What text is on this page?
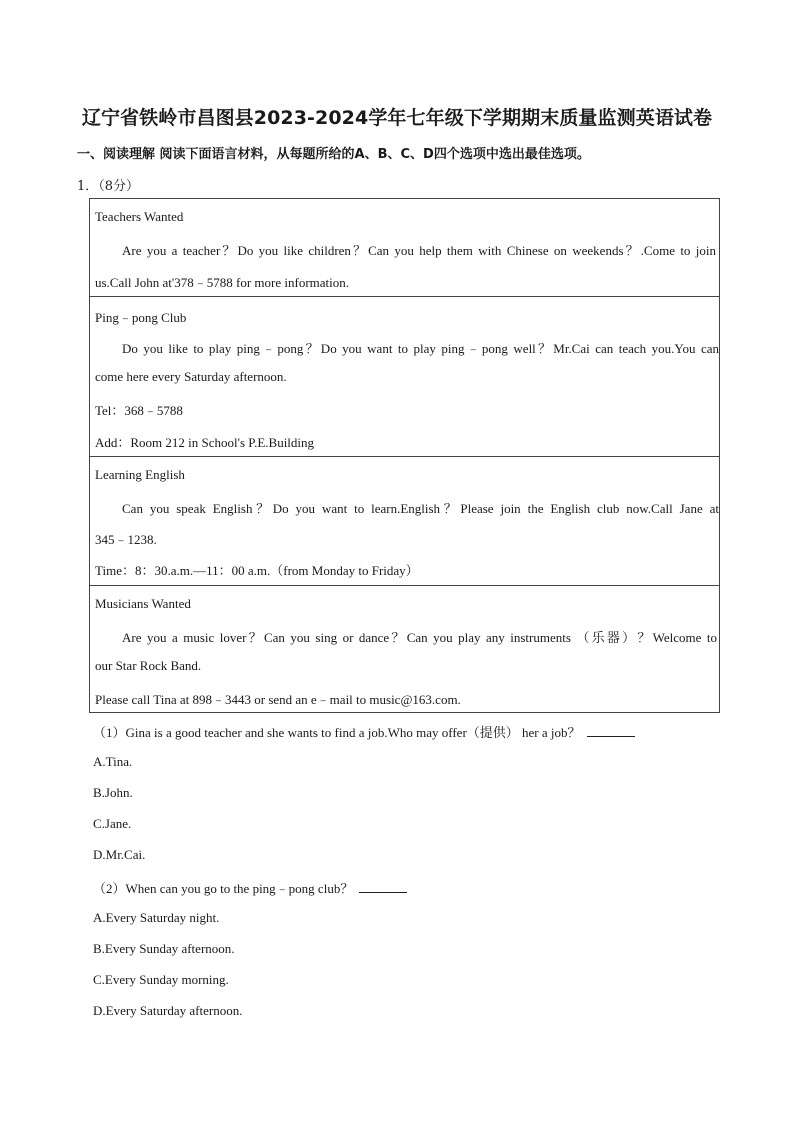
辽宁省铁岭市昌图县2023-2024学年七年级下学期期末质量监测英语试卷
一、阅读理解 阅读下面语言材料，从每题所给的A、B、C、D四个选项中选出最佳选项。
1．（8分）
Teachers Wanted
Are you a teacher？Do you like children？Can you help them with Chinese on weekends？.Come to join
us.Call John at'378﹣5788 for more information.
Ping﹣pong Club
Do you like to play ping﹣pong？Do you want to play ping﹣pong well？Mr.Cai can teach you.You can
come here every Saturday afternoon.
Tel：368﹣5788
Add：Room 212 in School's P.E.Building
Learning English
Can you speak English？Do you want to learn.English？Please join the English club now.Call Jane at
345﹣1238.
Time：8：30.a.m.—11：00 a.m.（from Monday to Friday）
Musicians Wanted
Are you a music lover？Can you sing or dance？Can you play any instruments （乐器）？Welcome to
our Star Rock Band.
Please call Tina at 898﹣3443 or send an e﹣mail to music@163.com.
（1）Gina is a good teacher and she wants to find a job.Who may offer（提供） her a job？
A.Tina.
B.John.
C.Jane.
D.Mr.Cai.
（2）When can you go to the ping﹣pong club？
A.Every Saturday night.
B.Every Sunday afternoon.
C.Every Sunday morning.
D.Every Saturday afternoon.
